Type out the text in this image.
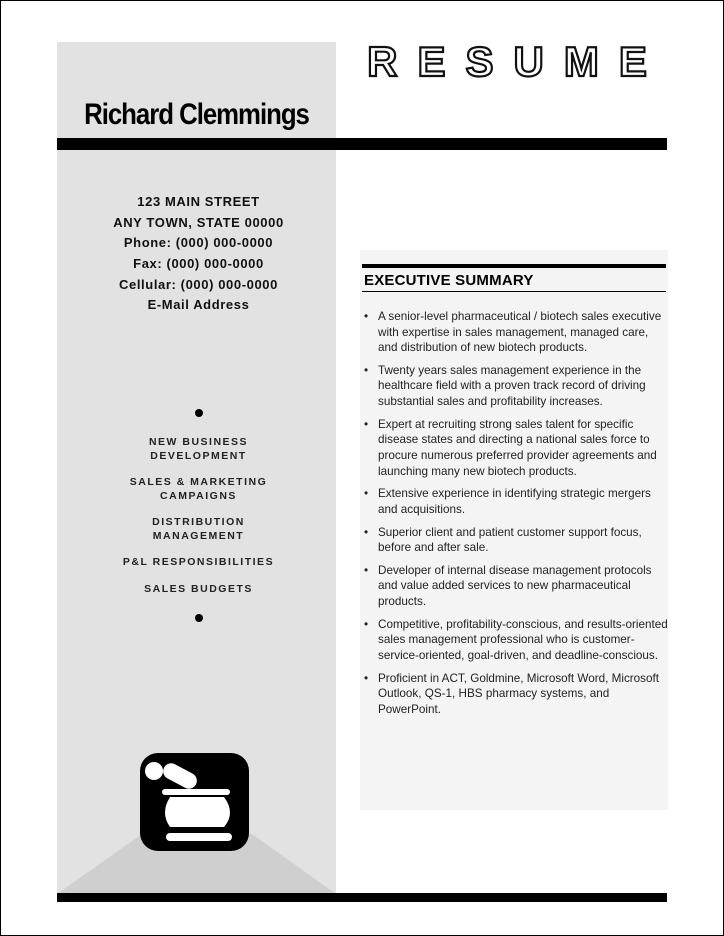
RESUME
Richard Clemmings
123 MAIN STREET
ANY TOWN, STATE 00000
Phone: (000) 000-0000
Fax: (000) 000-0000
Cellular: (000) 000-0000
E-Mail Address
NEW BUSINESS
DEVELOPMENT
SALES & MARKETING
CAMPAIGNS
DISTRIBUTION
MANAGEMENT
P&L RESPONSIBILITIES
SALES BUDGETS
EXECUTIVE SUMMARY
• A senior-level pharmaceutical / biotech sales executive with expertise in sales management, managed care, and distribution of new biotech products.
• Twenty years sales management experience in the healthcare field with a proven track record of driving substantial sales and profitability increases.
• Expert at recruiting strong sales talent for specific disease states and directing a national sales force to procure numerous preferred provider agreements and launching many new biotech products.
• Extensive experience in identifying strategic mergers and acquisitions.
• Superior client and patient customer support focus, before and after sale.
• Developer of internal disease management protocols and value added services to new pharmaceutical products.
• Competitive, profitability-conscious, and results-oriented sales management professional who is customer-service-oriented, goal-driven, and deadline-conscious.
• Proficient in ACT, Goldmine, Microsoft Word, Microsoft Outlook, QS-1, HBS pharmacy systems, and PowerPoint.
